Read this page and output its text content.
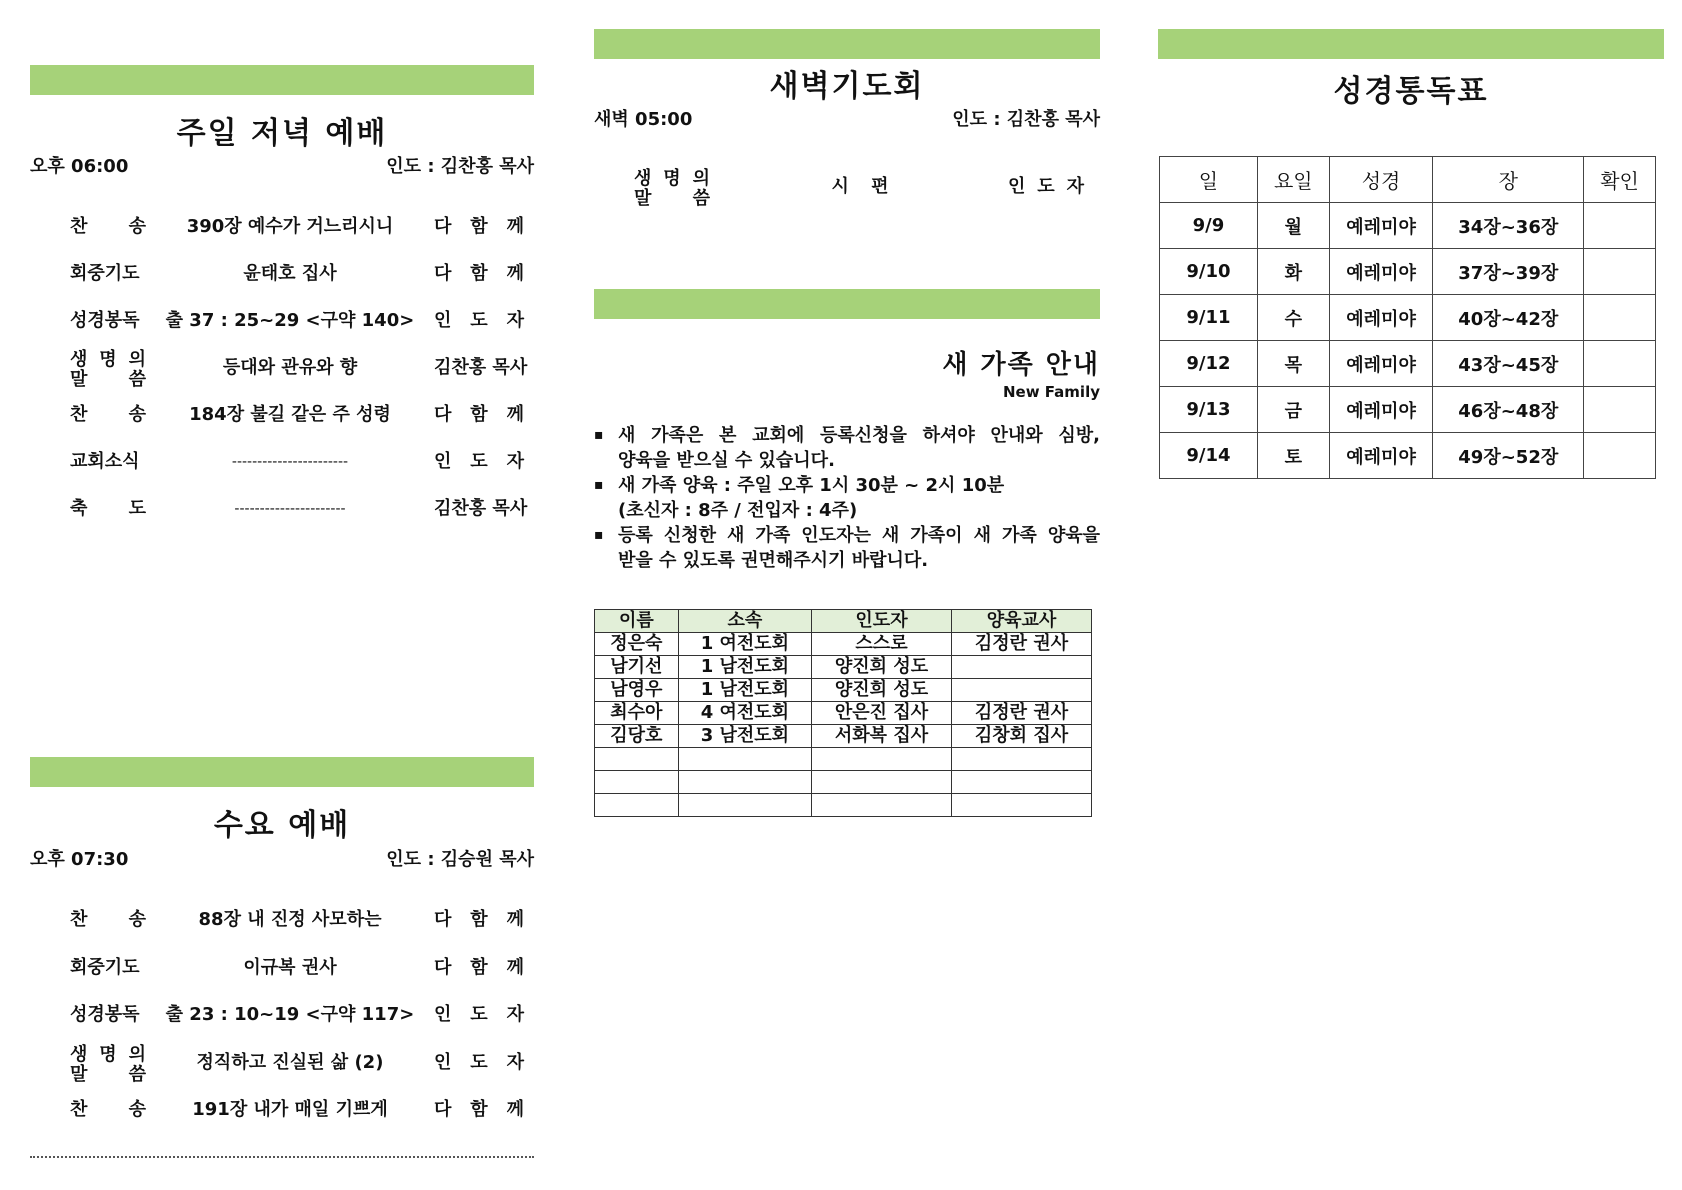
주일 저녁 예배
오후 06:00	인도 : 김찬홍 목사
찬 송	390장 예수가 거느리시니	다 함 께
회중기도	윤태호 집사	다 함 께
성경봉독	출 37 : 25~29 <구약 140>	인 도 자
생 명 의
말 씀
등대와 관유와 향	김찬홍 목사
찬 송	184장 불길 같은 주 성령	다 함 께
교회소식	-----------------------	인 도 자
축 도	----------------------	김찬홍 목사
수요 예배
오후 07:30	인도 : 김승원 목사
찬 송	88장 내 진정 사모하는	다 함 께
회중기도	이규복 권사	다 함 께
성경봉독	출 23 : 10~19 <구약 117>	인 도 자
생 명 의
말 씀
정직하고 진실된 삶 (2)	인 도 자
찬 송	191장 내가 매일 기쁘게	다 함 께
새벽기도회
새벽 05:00	인도 : 김찬홍 목사
생 명 의
말 씀
시 편	인 도 자
새 가족 안내
New Family
▪ 새 가족은 본 교회에 등록신청을 하셔야 안내와 심방,
양육을 받으실 수 있습니다.
▪ 새 가족 양육 : 주일 오후 1시 30분 ~ 2시 10분
(초신자 : 8주 / 전입자 : 4주)
▪ 등록 신청한 새 가족 인도자는 새 가족이 새 가족 양육을
받을 수 있도록 권면해주시기 바랍니다.
이름	소속	인도자	양육교사
정은숙	1 여전도회	스스로	김정란 권사
남기선	1 남전도회	양진희 성도	
남영우	1 남전도회	양진희 성도	
최수아	4 여전도회	안은진 집사	김정란 권사
김당호	3 남전도회	서화복 집사	김창회 집사

성경통독표
일	요일	성경	장	확인
9/9	월	예레미야	34장~36장	
9/10	화	예레미야	37장~39장	
9/11	수	예레미야	40장~42장	
9/12	목	예레미야	43장~45장	
9/13	금	예레미야	46장~48장	
9/14	토	예레미야	49장~52장	
